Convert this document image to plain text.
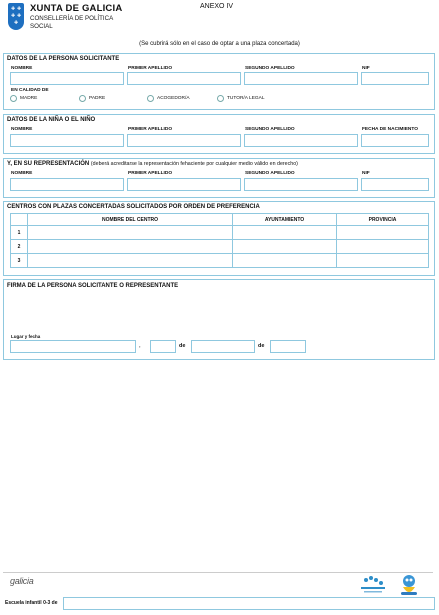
✚ ✚
✚ ✚
✚
XUNTA DE GALICIA
CONSELLERÍA DE POLÍTICA
SOCIAL
ANEXO IV
(Se cubrirá sólo en el caso de optar a una plaza concertada)
DATOS DE LA PERSONA SOLICITANTE
NOMBRE	PRIMER APELLIDO	SEGUNDO APELLIDO	NIF
EN CALIDAD DE
MADRE	PADRE	ACOGEDOR/A	TUTOR/A LEGAL
DATOS DE LA NIÑA O EL NIÑO
NOMBRE	PRIMER APELLIDO	SEGUNDO APELLIDO	FECHA DE NACIMIENTO
Y, EN SU REPRESENTACIÓN (deberá acreditarse la representación fehaciente por cualquier medio válido en derecho)
NOMBRE	PRIMER APELLIDO	SEGUNDO APELLIDO	NIF
CENTROS CON PLAZAS CONCERTADAS SOLICITADOS POR ORDEN DE PREFERENCIA
	NOMBRE DEL CENTRO	AYUNTAMIENTO	PROVINCIA
1			
2			
3			
FIRMA DE LA PERSONA SOLICITANTE O REPRESENTANTE
Lugar y fecha
,	de	de
galicia
Escuela infantil 0-3 de
